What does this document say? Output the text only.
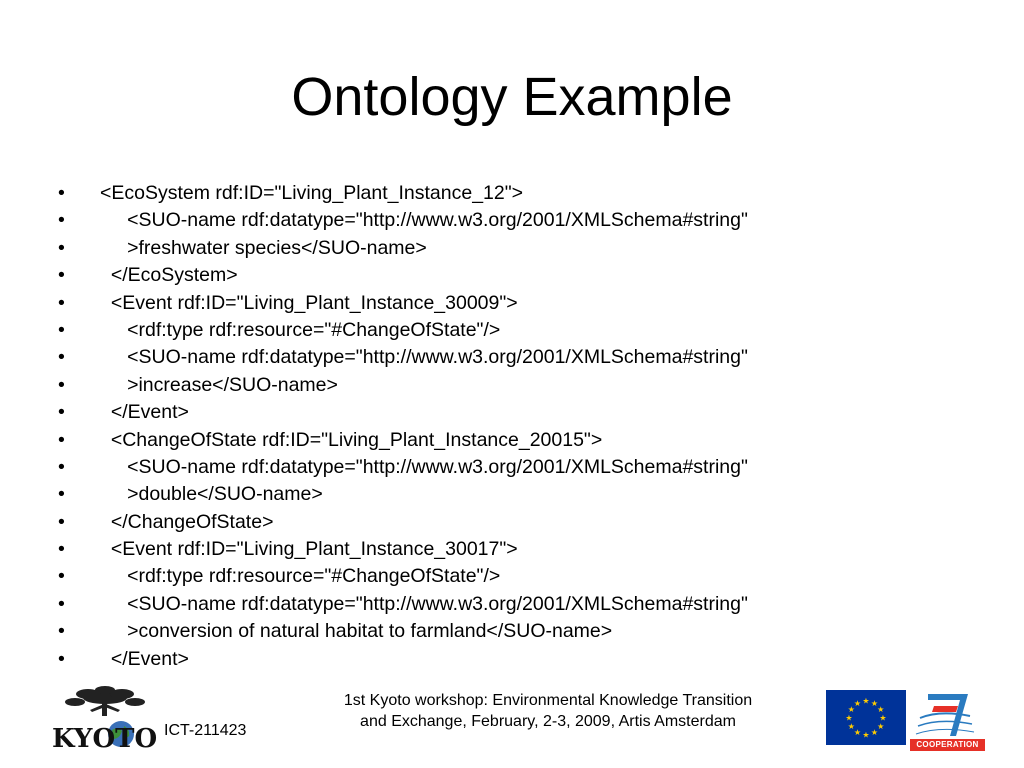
Ontology Example
•	<EcoSystem rdf:ID="Living_Plant_Instance_12">
•	<SUO-name rdf:datatype="http://www.w3.org/2001/XMLSchema#string"
•	>freshwater species</SUO-name>
•	</EcoSystem>
•	<Event rdf:ID="Living_Plant_Instance_30009">
•	<rdf:type rdf:resource="#ChangeOfState"/>
•	<SUO-name rdf:datatype="http://www.w3.org/2001/XMLSchema#string"
•	>increase</SUO-name>
•	</Event>
•	<ChangeOfState rdf:ID="Living_Plant_Instance_20015">
•	<SUO-name rdf:datatype="http://www.w3.org/2001/XMLSchema#string"
•	>double</SUO-name>
•	</ChangeOfState>
•	<Event rdf:ID="Living_Plant_Instance_30017">
•	<rdf:type rdf:resource="#ChangeOfState"/>
•	<SUO-name rdf:datatype="http://www.w3.org/2001/XMLSchema#string"
•	>conversion of natural habitat to farmland</SUO-name>
•	</Event>
KYOTO ICT-211423
1st Kyoto workshop: Environmental Knowledge Transition
and Exchange, February, 2-3, 2009, Artis Amsterdam	★
★
★
★
★
★
★
★
★ ★ ★
★
COOPERATION
